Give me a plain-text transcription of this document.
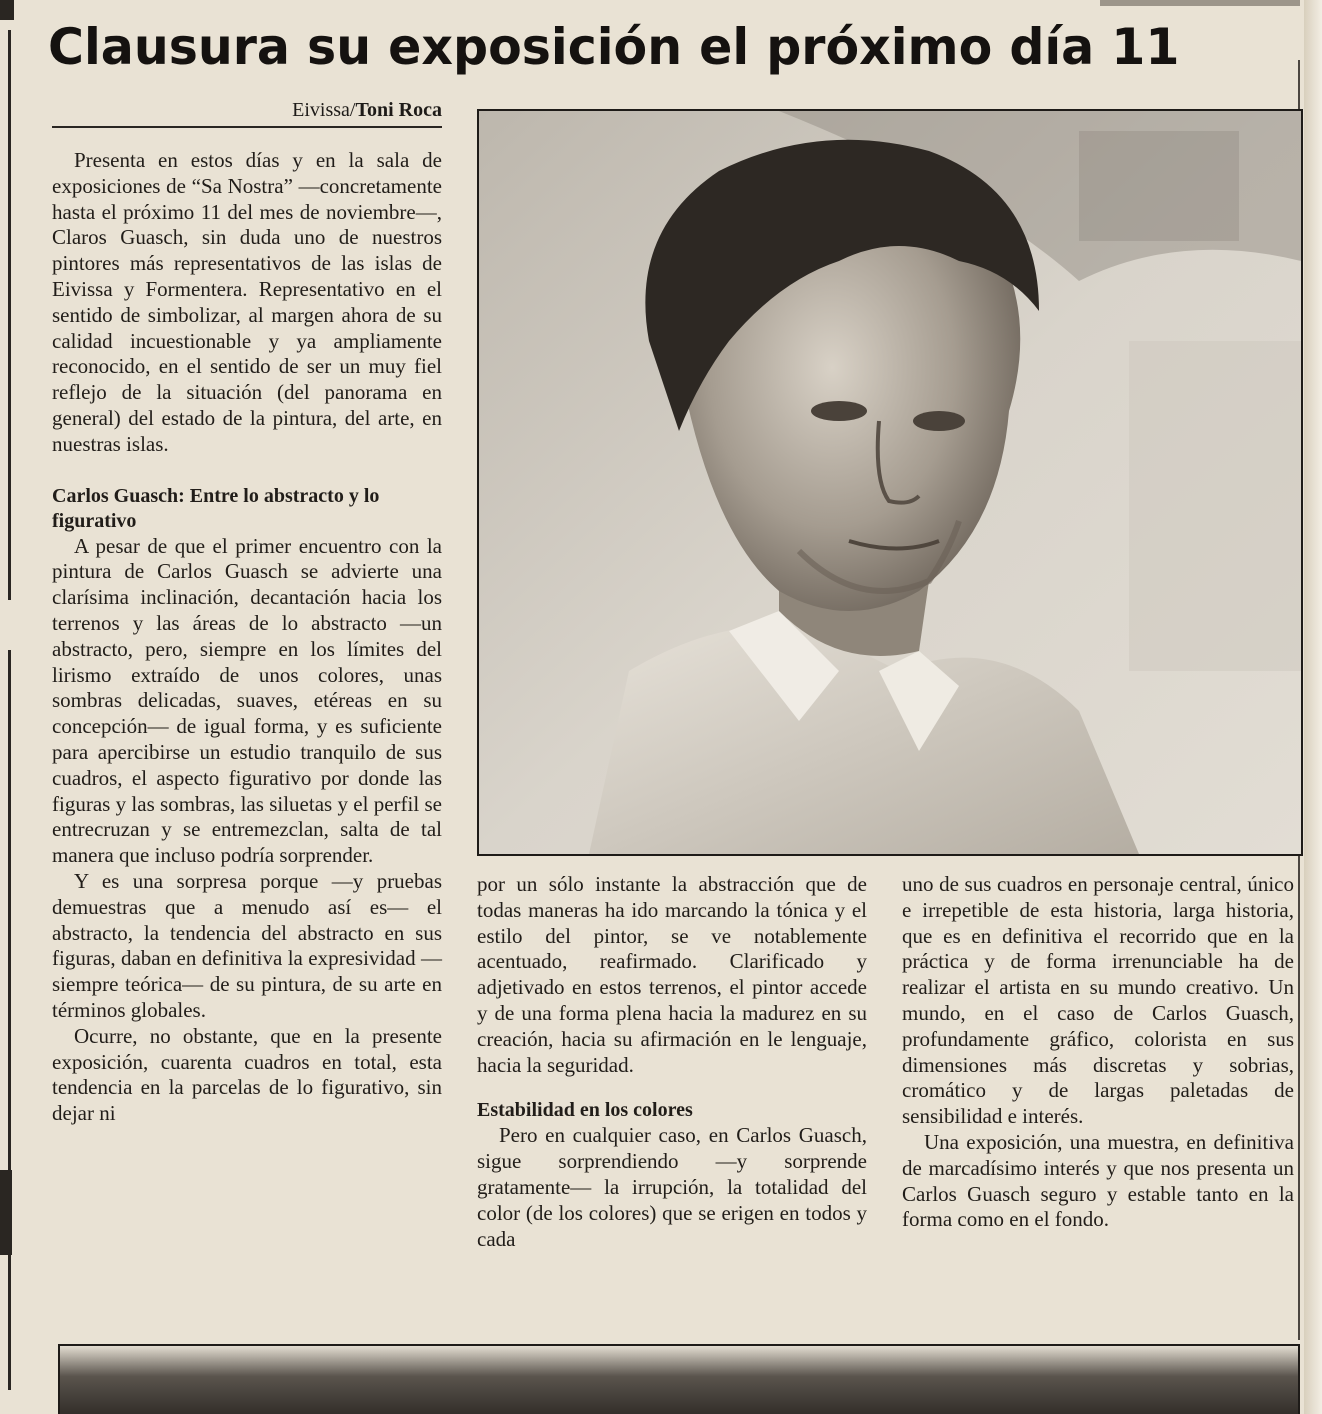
Clausura su exposición el próximo día 11
Eivissa/Toni Roca

Presenta en estos días y en la sala de exposiciones de “Sa Nostra” —concretamente hasta el próximo 11 del mes de noviembre—, Claros Guasch, sin duda uno de nuestros pintores más representativos de las islas de Eivissa y Formentera. Representativo en el sentido de simbolizar, al margen ahora de su calidad incuestionable y ya ampliamente reconocido, en el sentido de ser un muy fiel reflejo de la situación (del panorama en general) del estado de la pintura, del arte, en nuestras islas.

Carlos Guasch: Entre lo abstracto y lo figurativo

A pesar de que el primer encuentro con la pintura de Carlos Guasch se advierte una clarísima inclinación, decantación hacia los terrenos y las áreas de lo abstracto —un abstracto, pero, siempre en los límites del lirismo extraído de unos colores, unas sombras delicadas, suaves, etéreas en su concepción— de igual forma, y es suficiente para apercibirse un estudio tranquilo de sus cuadros, el aspecto figurativo por donde las figuras y las sombras, las siluetas y el perfil se entrecruzan y se entremezclan, salta de tal manera que incluso podría sorprender.

Y es una sorpresa porque —y pruebas demuestras que a menudo así es— el abstracto, la tendencia del abstracto en sus figuras, daban en definitiva la expresividad —siempre teórica— de su pintura, de su arte en términos globales.

Ocurre, no obstante, que en la presente exposición, cuarenta cuadros en total, esta tendencia en la parcelas de lo figurativo, sin dejar ni

por un sólo instante la abstracción que de todas maneras ha ido marcando la tónica y el estilo del pintor, se ve notablemente acentuado, reafirmado. Clarificado y adjetivado en estos terrenos, el pintor accede y de una forma plena hacia la madurez en su creación, hacia su afirmación en le lenguaje, hacia la seguridad.

Estabilidad en los colores

Pero en cualquier caso, en Carlos Guasch, sigue sorprendiendo —y sorprende gratamente— la irrupción, la totalidad del color (de los colores) que se erigen en todos y cada

uno de sus cuadros en personaje central, único e irrepetible de esta historia, larga historia, que es en definitiva el recorrido que en la práctica y de forma irrenunciable ha de realizar el artista en su mundo creativo. Un mundo, en el caso de Carlos Guasch, profundamente gráfico, colorista en sus dimensiones más discretas y sobrias, cromático y de largas paletadas de sensibilidad e interés.

Una exposición, una muestra, en definitiva de marcadísimo interés y que nos presenta un Carlos Guasch seguro y estable tanto en la forma como en el fondo.
